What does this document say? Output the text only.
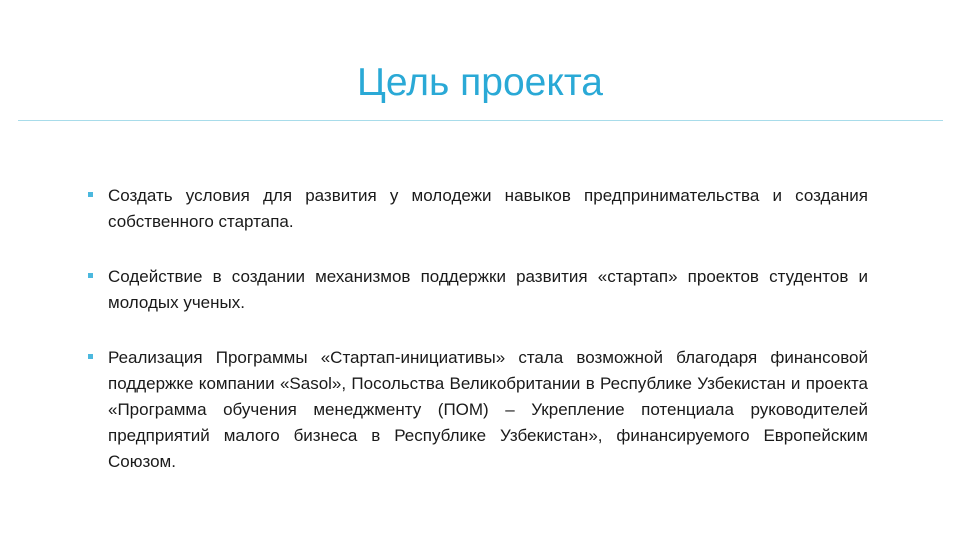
Цель проекта
Создать условия для развития у молодежи навыков предпринимательства и создания собственного стартапа.
Содействие в создании механизмов поддержки развития «стартап» проектов студентов и молодых ученых.
Реализация Программы «Стартап-инициативы» стала возможной благодаря финансовой поддержке компании «Sasol», Посольства Великобритании в Республике Узбекистан и проекта «Программа обучения менеджменту (ПОМ) – Укрепление потенциала руководителей предприятий малого бизнеса в Республике Узбекистан», финансируемого Европейским Союзом.
